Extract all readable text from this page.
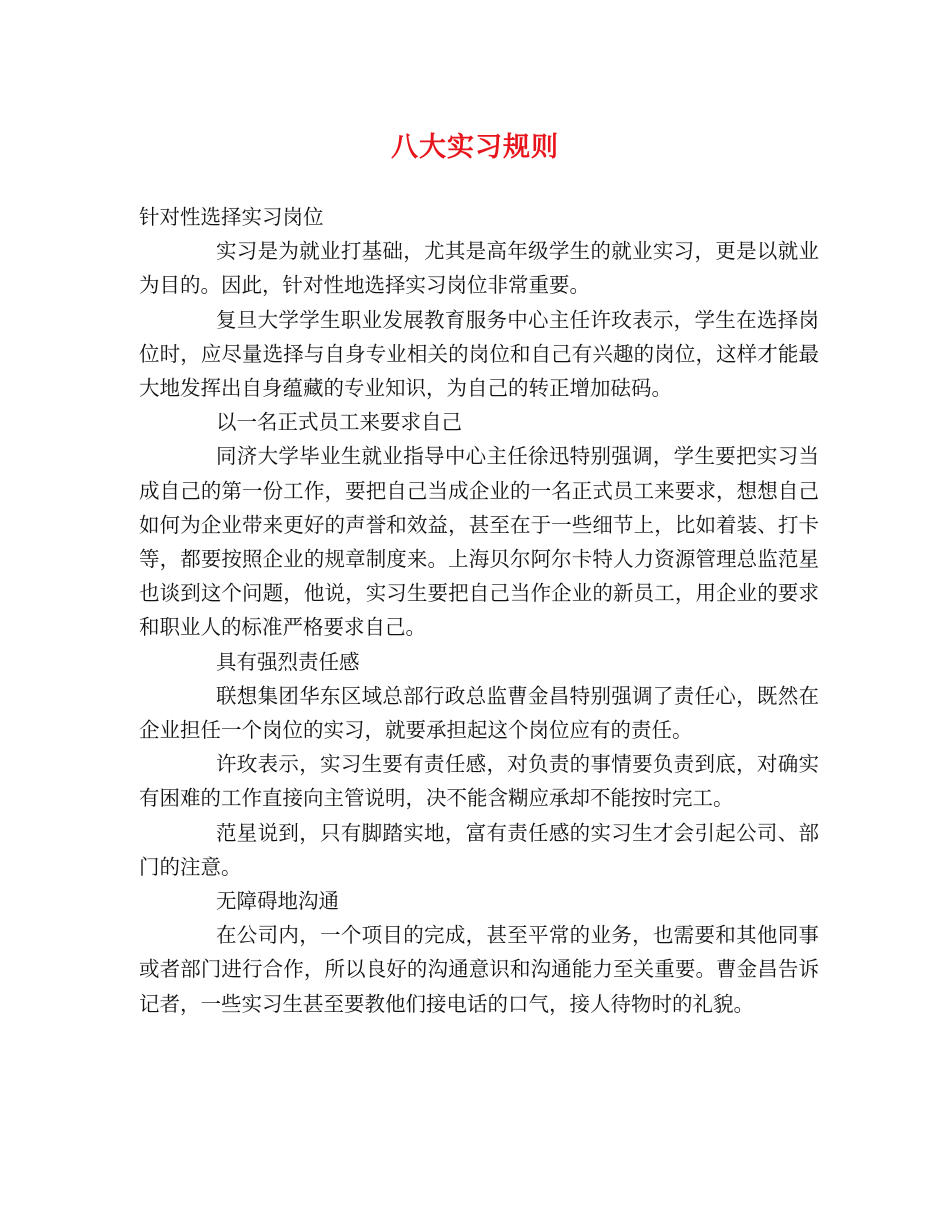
八大实习规则

针对性选择实习岗位

实习是为就业打基础，尤其是高年级学生的就业实习，更是以就业为目的。因此，针对性地选择实习岗位非常重要。

复旦大学学生职业发展教育服务中心主任许玫表示，学生在选择岗位时，应尽量选择与自身专业相关的岗位和自己有兴趣的岗位，这样才能最大地发挥出自身蕴藏的专业知识，为自己的转正增加砝码。

以一名正式员工来要求自己

同济大学毕业生就业指导中心主任徐迅特别强调，学生要把实习当成自己的第一份工作，要把自己当成企业的一名正式员工来要求，想想自己如何为企业带来更好的声誉和效益，甚至在于一些细节上，比如着装、打卡等，都要按照企业的规章制度来。上海贝尔阿尔卡特人力资源管理总监范星也谈到这个问题，他说，实习生要把自己当作企业的新员工，用企业的要求和职业人的标准严格要求自己。

具有强烈责任感

联想集团华东区域总部行政总监曹金昌特别强调了责任心，既然在企业担任一个岗位的实习，就要承担起这个岗位应有的责任。

许玫表示，实习生要有责任感，对负责的事情要负责到底，对确实有困难的工作直接向主管说明，决不能含糊应承却不能按时完工。

范星说到，只有脚踏实地，富有责任感的实习生才会引起公司、部门的注意。

无障碍地沟通

在公司内，一个项目的完成，甚至平常的业务，也需要和其他同事或者部门进行合作，所以良好的沟通意识和沟通能力至关重要。曹金昌告诉记者，一些实习生甚至要教他们接电话的口气，接人待物时的礼貌。
